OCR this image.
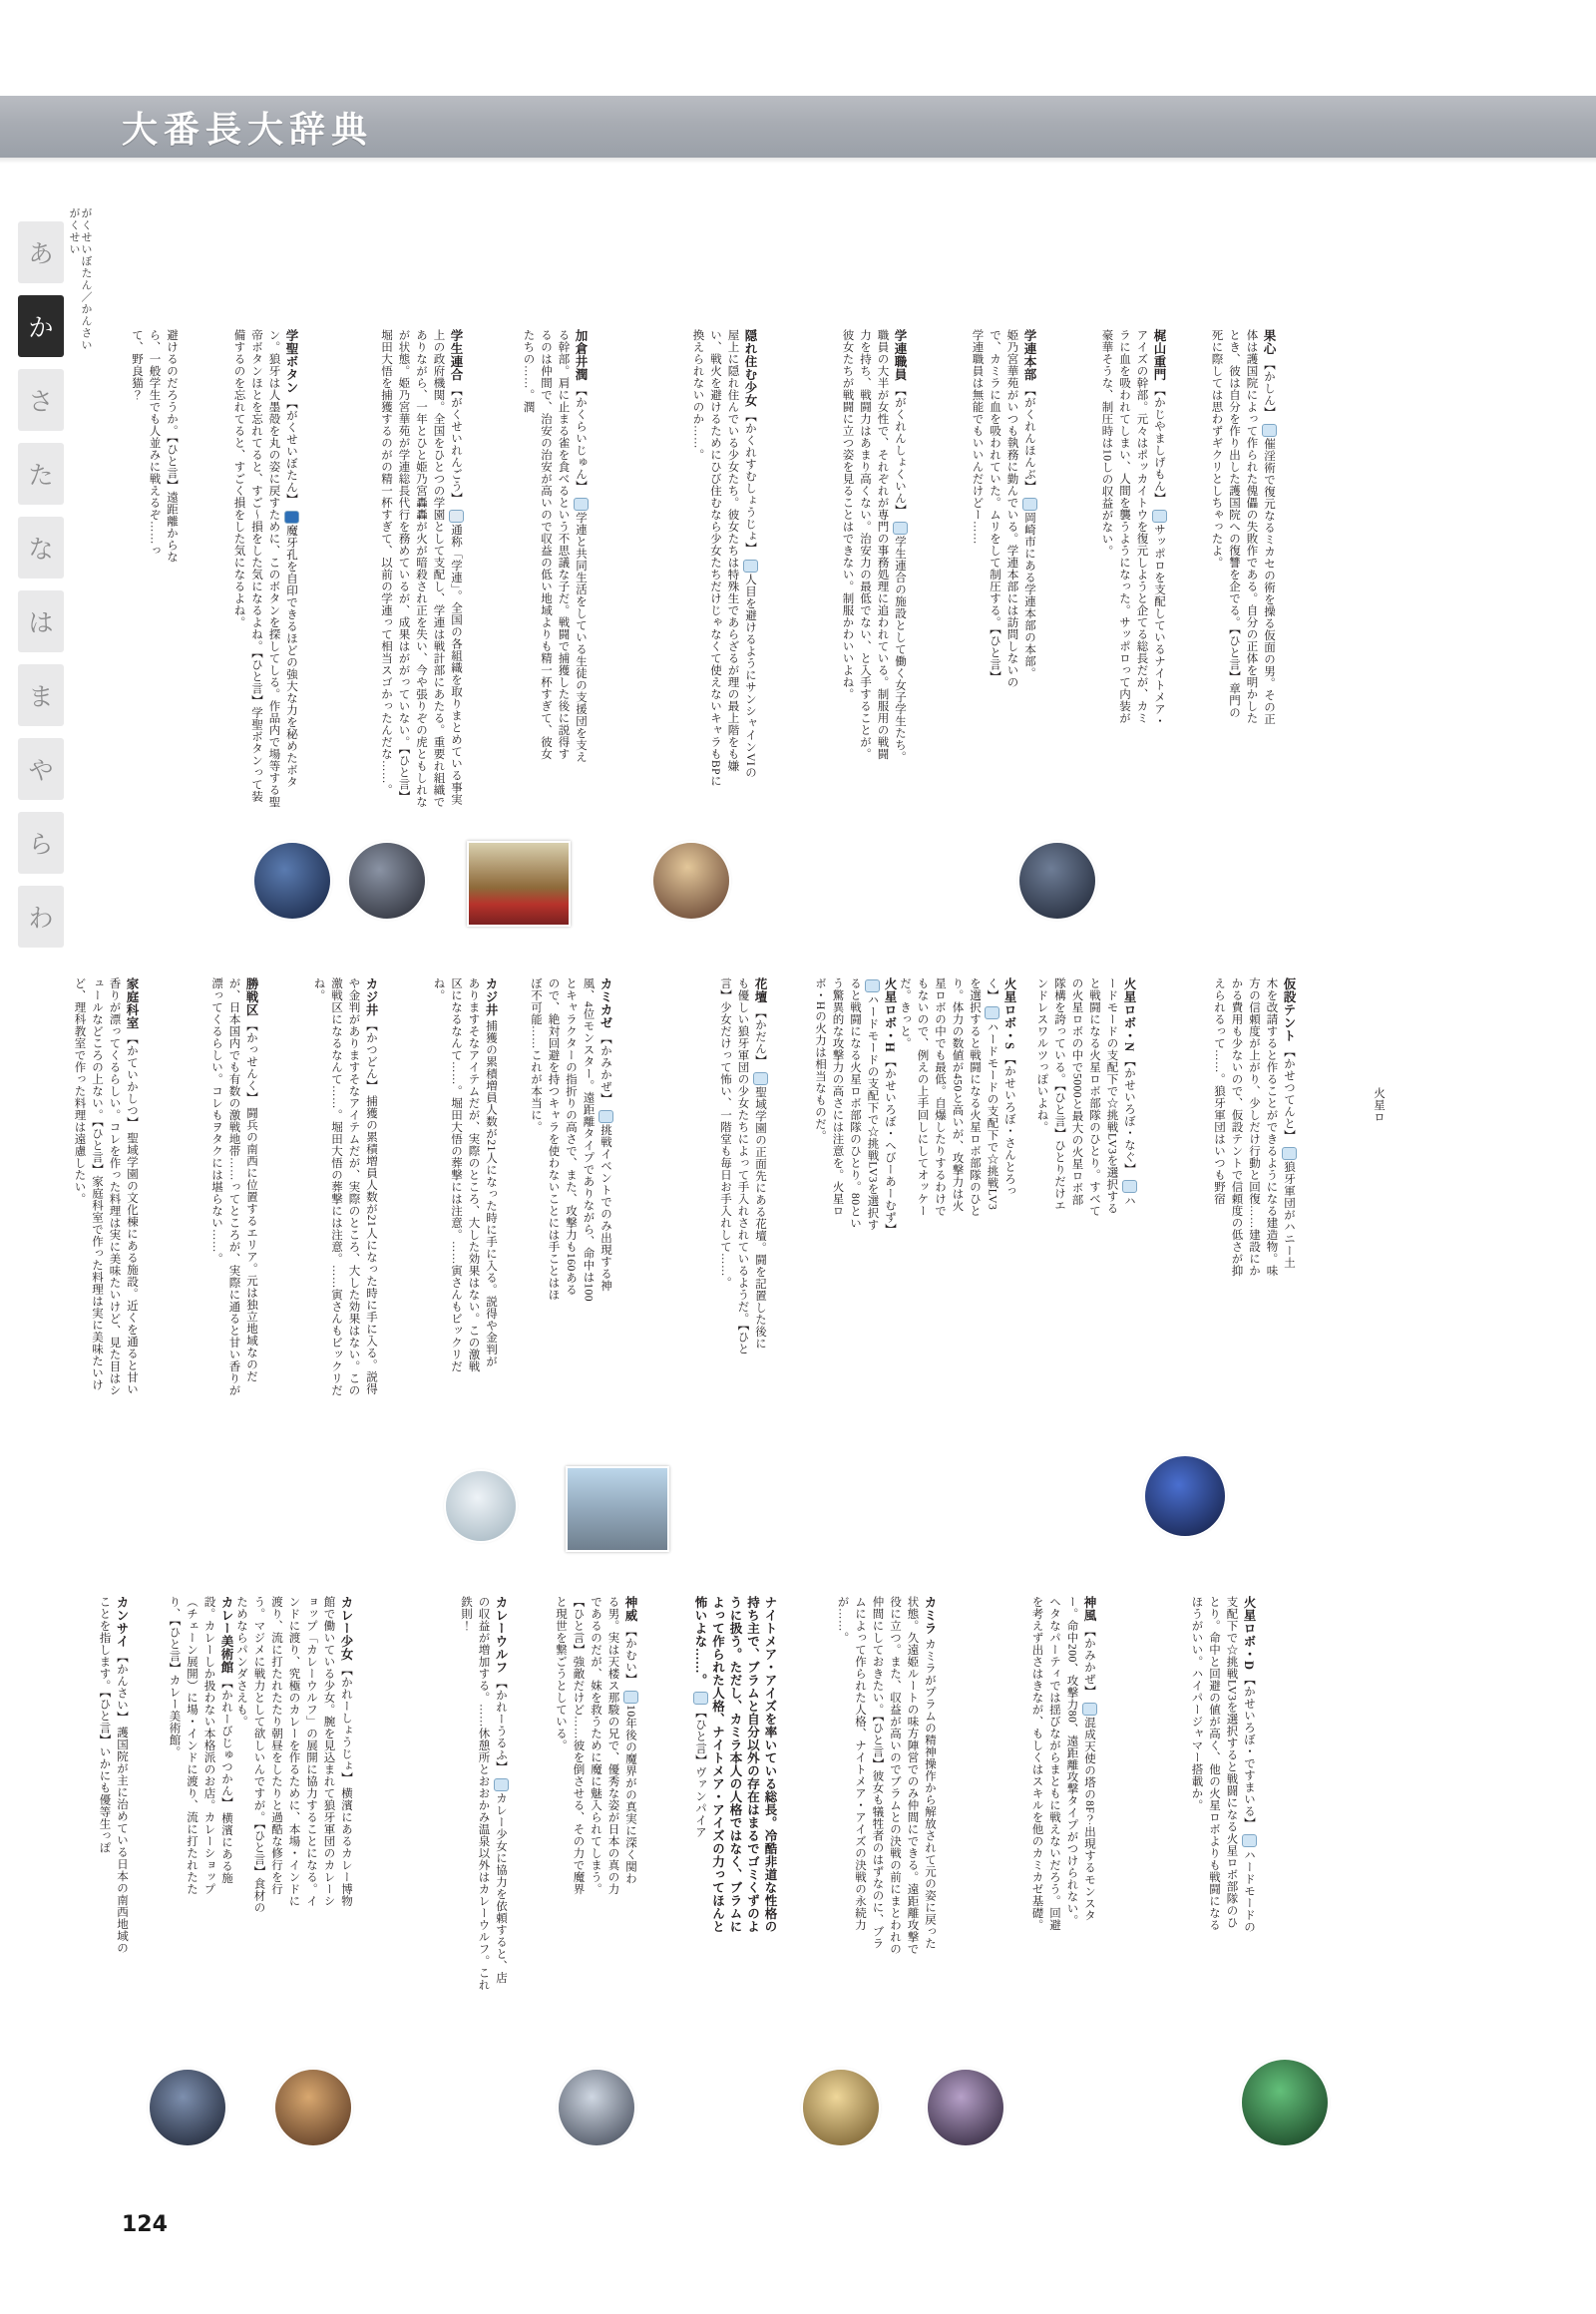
大番長大辞典
がくせいぼたん／かんさいがくせい
あ
か
さ
た
な
は
ま
や
ら
わ
避けるのだろうか。【ひと言】遠距離からなら、一般学生でも人並みに戦えるぞ……って、野良猫？	学聖ボタン 【がくせいぼたん】  魔牙孔を自印できるほどの強大な力を秘めたボタン。狼牙は人墨殻を丸の姿に戻すために、このボタンを探してしる。作品内で場等する聖帝ボタンほとを忘れてると、すご～損をした気になるよね。【ひと言】学聖ボタンって装備するのを忘れてると、すごく損をした気になるよね。	学生連合 【がくせいれんごう】  通称「学連」。全国の各組織を取りまとめている事実上の政府機関。全国をひとつの学園として支配し、学連は戦計部にあたる。重要れ組織でありながら、一年とひと姫乃宮轟轟が火が暗殺され正を失い、今や張りぞの虎ともしれなが状態。姫乃宮華苑が学連総長代行を務めているが、成果はががっていない。【ひと言】堀田大悟を捕獲するのがの精一杯すぎて、以前の学連って相当スゴかったんだな……。	加倉井潤 【かくらいじゅん】  学連と共同生活をしている生徒の支援団を支える幹部。肩に止まる雀を食べるという不思議な子だ。戦闘で捕獲した後に説得するのは仲間で、治安の治安が高いので収益の低い地域よりも精一杯すぎて、彼女たちの……。潤	隠れ住む少女 【かくれすむしょうじょ】  人目を避けるようにサンシャインVIの屋上に隠れ住んでいる少女たち。彼女たちは特殊生であらざるが理の最上階をも嫌い、戦火を避けるためにひび住むなら少女たちだけじゃなくて使えないキャラもBPに換えられないのか……。	学連職員 【がくれんしょくいん】  学生連合の施設として働く女子学生たち。職員の大半が女性で、それぞれが専門の事務処理に追われている。制服用の戦闘力を持ち、戦闘力はあまり高くない。治安力の最低でない、と入手することが。彼女たちが戦闘に立つ姿を見ることはできない。制服かわいいよね。	学連本部 【がくれんほんぶ】  岡崎市にある学連本部の本部。姫乃宮華苑がいつも執務に勤んでいる。学連本部には訪問しないので、カミラに血を吸われていた。ムリをして制圧する。【ひと言】学連職員は無能でもいいんだけどー……	梶山重門 【かじやましげもん】  サッポロを支配しているナイトメア・アイズの幹部。元々はポッカイトウを復元しようと企てる総長だが、カミラに血を吸われてしまい、人間を襲うようになった。サッポロって内装が豪華そうな、制圧時は10しの収益がない。	果心 【かしん】  催淫術で復元なるミカセの術を操る仮面の男。その正体は護国院によって作られた傀儡の失敗作である。自分の正体を明かしたとき、彼は自分を作り出した護国院への復讐を企でる。【ひと言】章門の死に際しては思わずギクリとしちゃったよ。
家庭科室 【かていかしつ】 聖域学園の文化棟にある施設。近くを通ると甘い香りが漂ってくるらしい。コレを作った料理は実に美味たいけど、見た目はシュールなどころの上ない。【ひと言】家庭科室で作った料理は実に美味たいけど、理科教室で作った料理は遠慮したい。	勝戦区 【かっせんく】 闘兵の南西に位置するエリア。元は独立地域なのだが、日本国内でも有数の激戦地帯……ってところが、実際に通ると甘い香りが漂ってくるらしい。コレもヲタクには堪らない……。	カジ井 【かつどん】 捕獲の累積増員人数が21人になった時に手に入る。説得や金判がありますそなアイテムだが、実際のところ、大した効果はない。この激戦区になるなんて……。堀田大悟の葬撃には注意。……寅さんもビックリだね。	カジ井 捕獲の累積増員人数が21人になった時に手に入る。説得や金判がありますそなアイテムだが、実際のところ、大した効果はない。この激戦区になるなんて……。堀田大悟の葬撃には注意。……寅さんもビックリだね。	カミカゼ 【かみかぜ】  挑戦イベントでのみ出現する神風、4位モンスター。遠距離タイプでありながら、命中は100とキャラクターの指折りの高さで、また、攻撃力も160あるので、絶対回避を持つキャラを使わないことには手ことはほぼ不可能……これが本当に。	花壇 【かだん】  聖域学園の正面先にある花壇。闘を記置した後にも優しい狼牙軍団の少女たちによって手入れされているようだ。【ひと言】少女だけって怖い、一階堂も毎日お手入れして……。	火星ロボ・H 【かせいろぼ・へびーあーむず】  ハードモードの支配下で☆挑戦LV3を選択すると戦闘になる火星ロボ部隊のひとり。80という驚異的な攻撃力の高さには注意を。火星ロボ・Hの火力は相当なものだ。	火星ロボ・S 【かせいろぼ・さんとろっく】  ハードモードの支配下で☆挑戦LV3を選択すると戦闘になる火星ロボ部隊のひとり。体力の数値が450と高いが、攻撃力は火星ロボの中でも最低。自爆したりするわけでもないので、例えの上手回しにしてオッケーだ。きっと。	火星ロボ・N 【かせいろぼ・なぐ】  ハードモードの支配下で☆挑戦LV3を選択すると戦闘になる火星ロボ部隊のひとり。すべての火星ロボの中で5000と最大の火星ロボ部隊構を誇っている。【ひと言】ひとりだけエンドレスワルツっぽいよね。	仮設テント 【かせつてんと】  狼牙軍団がハニー土木を改請すると作ることができるようになる建造物。味方の信頼度が上がり、少しだけ行動と回復……建設にかかる費用も少ないので、仮設テントで信頼度の低さが抑えられるって……。狼牙軍団はいつも野宿	火星ロ
カンサイ 【かんさい】 護国院が主に治めている日本の南西地域のことを指します。【ひと言】いかにも優等生っぽ	カレー美術館 【かれーびじゅつかん】 横濱にある施設。カレーしか扱わない本格派のお店。カレーショップ（チェーン展開）に場・インドに渡り、流に打たれたたり、【ひと言】カレー美術館。	カレー少女 【かれーしょうじょ】 横濱にあるカレー博物館で働いている少女。腕を見込まれて狼牙軍団のカレーショップ「カレーウルフ」の展開に協力することになる。インドに渡り、究極のカレーを作るために、本場・インドに渡り、流に打たれたたり朝昼をしたりと過酷な修行を行う。マジメに戦力として欲しいんですが。【ひと言】食材のためならパンダさえも。	カレーウルフ 【かれーうるふ】  カレー少女に協力を依頼すると、店の収益が増加する。……休憩所とおおかみ温泉以外はカレーウルフ。これ鉄則！	神威 【かむい】  10年後の魔界がの真実に深く関わる男。実は天楼ス那駿の兄で、優秀な姿が日本の真の力であるのだが、妹を救うために魔に魅入られてしまう。【ひと言】強敵だけど……彼を倒させる、その力で魔界と現世を繋ごうとしている。	ナイトメア・アイズを率いている総長。冷酷非道な性格の持ち主で、ブラムと自分以外の存在はまるでゴミくずのように扱う。ただし、カミラ本人の人格ではなく、ブラムによって作られた人格、ナイトメア・アイズの力ってほんと怖いよな……。  【ひと言】ヴァンパイア
カミラ カミラがプラムの精神操作から解放されて元の姿に戻った状態。久遠姫ルートの味方陣営でのみ仲間にできる。遠距離攻撃で役に立つ。また、収益が高いのでブラムとの決戦の前にまとわれの仲間にしておきたい。【ひと言】彼女も犠牲者のはずなのに、ブラムによって作られた人格、ナイトメア・アイズの決戦の永続力が……。	神風 【かみかぜ】  混成天使の塔の8F？出現するモンスター。命中200、攻撃力80、遠距離攻撃タイプがつけられない。ヘタなパーティでは揺びながらまともに戦えないだろう。回避を考えず出さはきなが、もしくはスキルを他のカミカゼ基礎。	火星ロボ・D 【かせいろぼ・ですまいる】  ハードモードの支配下で☆挑戦LV3を選択すると戦闘になる火星ロボ部隊のひとり。命中と回避の値が高く、他の火星ロボよりも戦闘になるほうがいい。ハイパージャマー搭載か。
124
